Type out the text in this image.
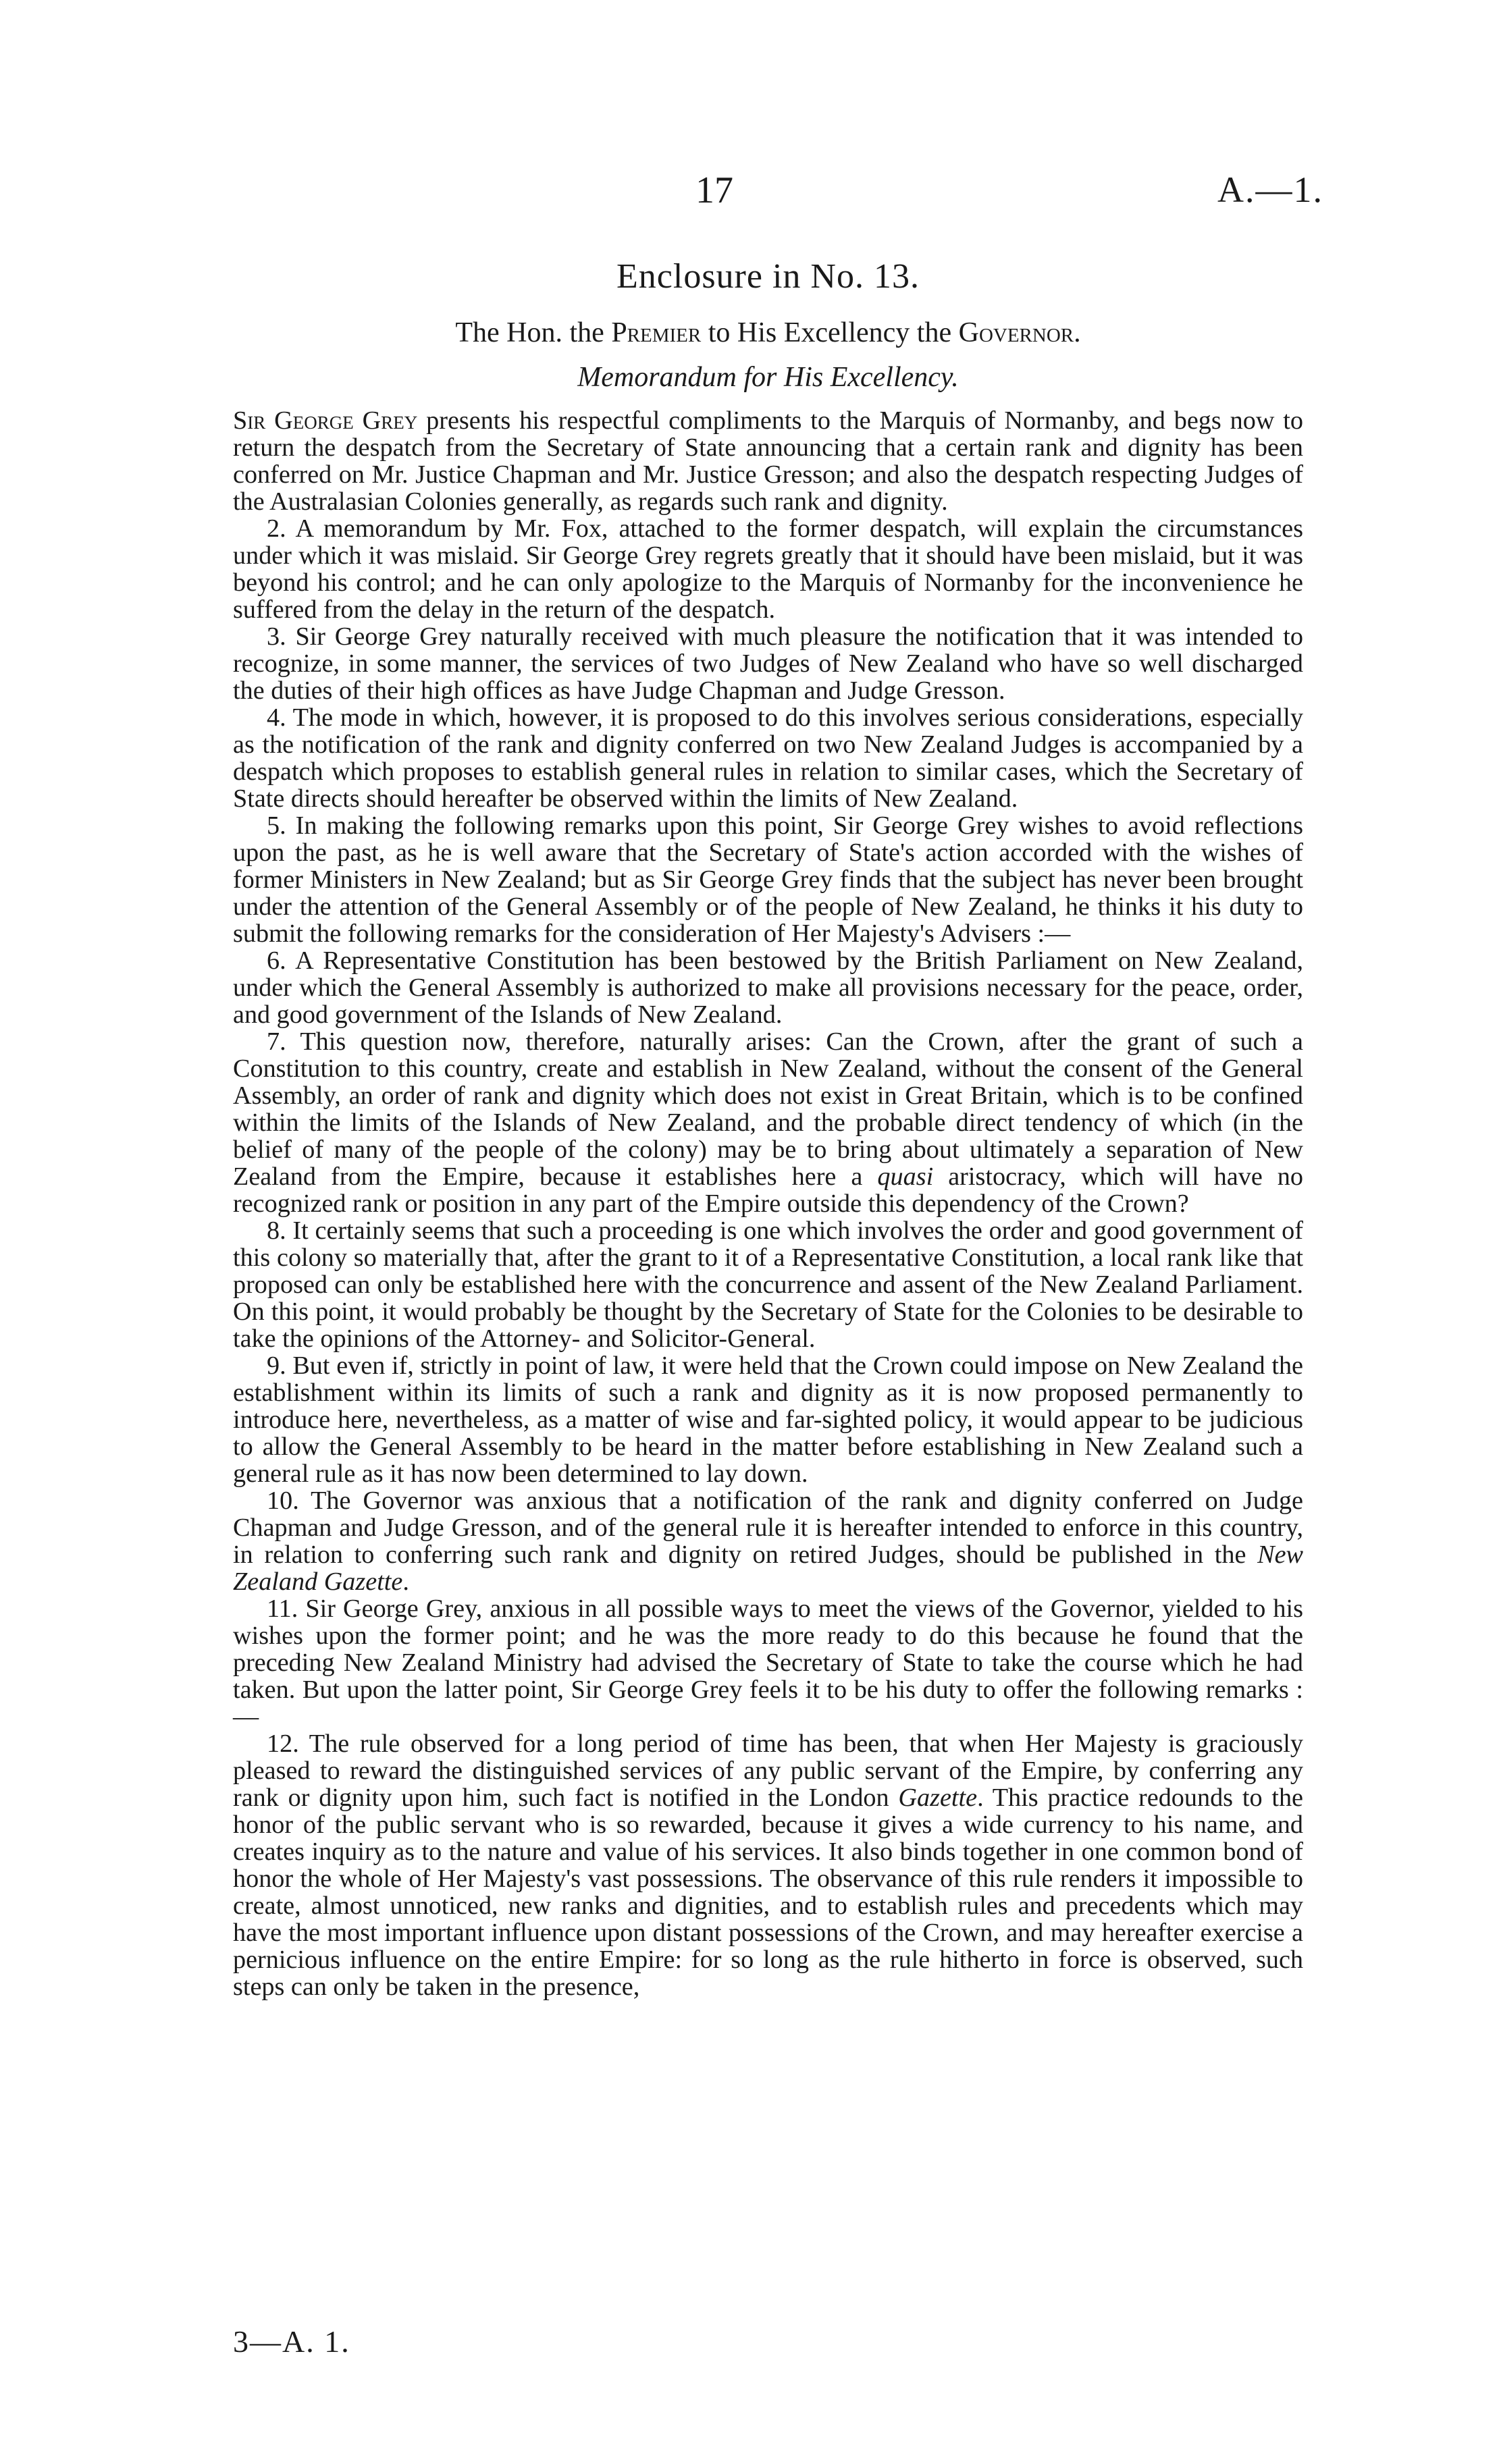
17	A.—1.
Enclosure in No. 13.
The Hon. the Premier to His Excellency the Governor.
Memorandum for His Excellency.

Sir George Grey presents his respectful compliments to the Marquis of Normanby, and begs now to return the despatch from the Secretary of State announcing that a certain rank and dignity has been conferred on Mr. Justice Chapman and Mr. Justice Gresson; and also the despatch respecting Judges of the Australasian Colonies generally, as regards such rank and dignity.

2. A memorandum by Mr. Fox, attached to the former despatch, will explain the circumstances under which it was mislaid. Sir George Grey regrets greatly that it should have been mislaid, but it was beyond his control; and he can only apologize to the Marquis of Normanby for the inconvenience he suffered from the delay in the return of the despatch.

3. Sir George Grey naturally received with much pleasure the notification that it was intended to recognize, in some manner, the services of two Judges of New Zealand who have so well discharged the duties of their high offices as have Judge Chapman and Judge Gresson.

4. The mode in which, however, it is proposed to do this involves serious considerations, especially as the notification of the rank and dignity conferred on two New Zealand Judges is accompanied by a despatch which proposes to establish general rules in relation to similar cases, which the Secretary of State directs should hereafter be observed within the limits of New Zealand.

5. In making the following remarks upon this point, Sir George Grey wishes to avoid reflections upon the past, as he is well aware that the Secretary of State's action accorded with the wishes of former Ministers in New Zealand; but as Sir George Grey finds that the subject has never been brought under the attention of the General Assembly or of the people of New Zealand, he thinks it his duty to submit the following remarks for the consideration of Her Majesty's Advisers :—

6. A Representative Constitution has been bestowed by the British Parliament on New Zealand, under which the General Assembly is authorized to make all provisions necessary for the peace, order, and good government of the Islands of New Zealand.

7. This question now, therefore, naturally arises: Can the Crown, after the grant of such a Constitution to this country, create and establish in New Zealand, without the consent of the General Assembly, an order of rank and dignity which does not exist in Great Britain, which is to be confined within the limits of the Islands of New Zealand, and the probable direct tendency of which (in the belief of many of the people of the colony) may be to bring about ultimately a separation of New Zealand from the Empire, because it establishes here a quasi aristocracy, which will have no recognized rank or position in any part of the Empire outside this dependency of the Crown?

8. It certainly seems that such a proceeding is one which involves the order and good government of this colony so materially that, after the grant to it of a Representative Constitution, a local rank like that proposed can only be established here with the concurrence and assent of the New Zealand Parliament. On this point, it would probably be thought by the Secretary of State for the Colonies to be desirable to take the opinions of the Attorney- and Solicitor-General.

9. But even if, strictly in point of law, it were held that the Crown could impose on New Zealand the establishment within its limits of such a rank and dignity as it is now proposed permanently to introduce here, nevertheless, as a matter of wise and far-sighted policy, it would appear to be judicious to allow the General Assembly to be heard in the matter before establishing in New Zealand such a general rule as it has now been determined to lay down.

10. The Governor was anxious that a notification of the rank and dignity conferred on Judge Chapman and Judge Gresson, and of the general rule it is hereafter intended to enforce in this country, in relation to conferring such rank and dignity on retired Judges, should be published in the New Zealand Gazette.

11. Sir George Grey, anxious in all possible ways to meet the views of the Governor, yielded to his wishes upon the former point; and he was the more ready to do this because he found that the preceding New Zealand Ministry had advised the Secretary of State to take the course which he had taken. But upon the latter point, Sir George Grey feels it to be his duty to offer the following remarks :—

12. The rule observed for a long period of time has been, that when Her Majesty is graciously pleased to reward the distinguished services of any public servant of the Empire, by conferring any rank or dignity upon him, such fact is notified in the London Gazette. This practice redounds to the honor of the public servant who is so rewarded, because it gives a wide currency to his name, and creates inquiry as to the nature and value of his services. It also binds together in one common bond of honor the whole of Her Majesty's vast possessions. The observance of this rule renders it impossible to create, almost unnoticed, new ranks and dignities, and to establish rules and precedents which may have the most important influence upon distant possessions of the Crown, and may hereafter exercise a pernicious influence on the entire Empire: for so long as the rule hitherto in force is observed, such steps can only be taken in the presence,

3—A. 1.
